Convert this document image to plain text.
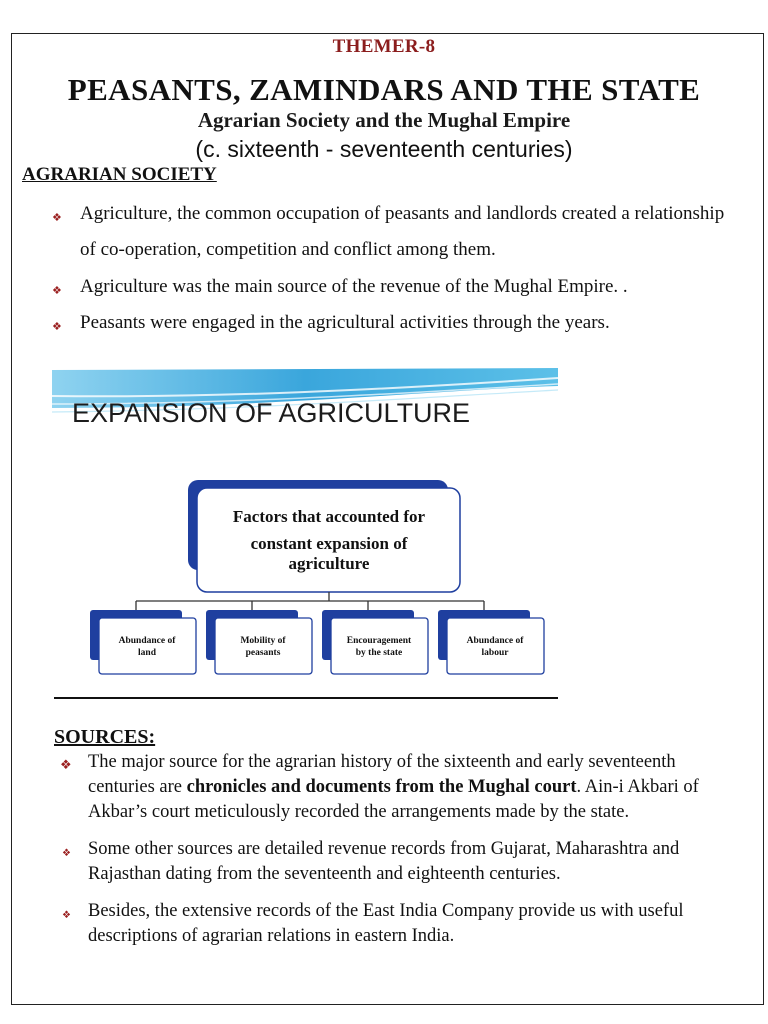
THEMER-8
PEASANTS, ZAMINDARS AND THE STATE
Agrarian Society and the Mughal Empire
(c. sixteenth - seventeenth centuries)
AGRARIAN SOCIETY
❖ Agriculture, the common occupation of peasants and landlords created a relationship of co-operation, competition and conflict among them.
❖ Agriculture was the main source of the revenue of the Mughal Empire. .
❖ Peasants were engaged in the agricultural activities through the years.
EXPANSION OF AGRICULTURE
Factors that accounted for
constant expansion of
agriculture
Abundance of
land
Mobility of
peasants
Encouragement
by the state
Abundance of
labour
SOURCES:
❖ The major source for the agrarian history of the sixteenth and early seventeenth centuries are chronicles and documents from the Mughal court. Ain-i Akbari of Akbar’s court meticulously recorded the arrangements made by the state.
❖ Some other sources are detailed revenue records from Gujarat, Maharashtra and Rajasthan dating from the seventeenth and eighteenth centuries.
❖ Besides, the extensive records of the East India Company provide us with useful descriptions of agrarian relations in eastern India.
